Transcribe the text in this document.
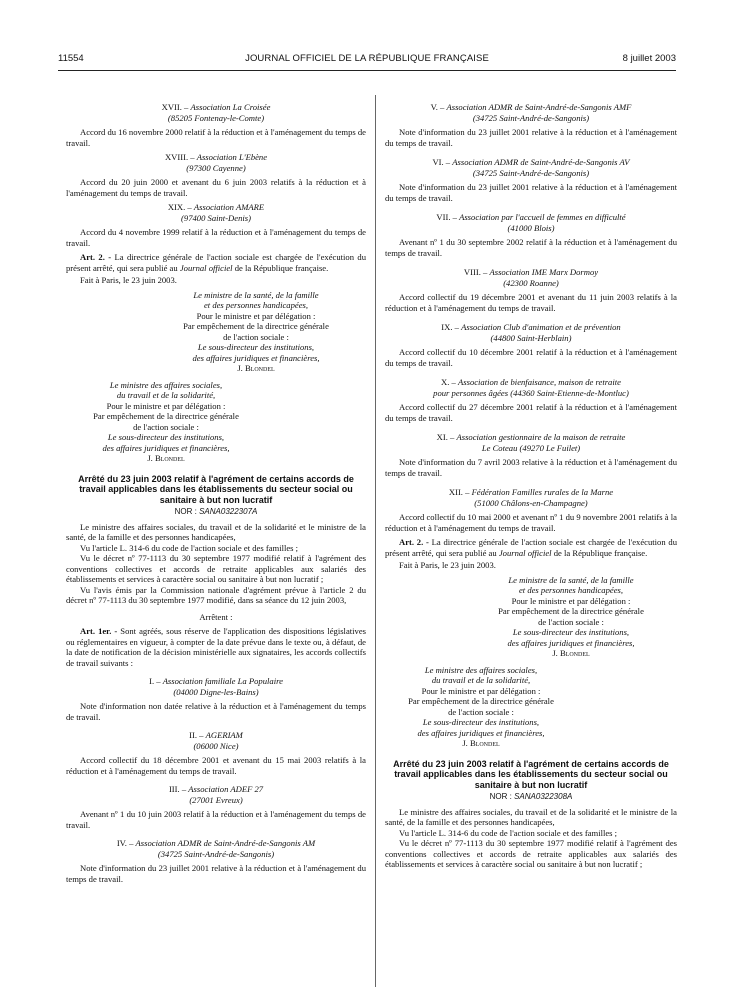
11554	JOURNAL OFFICIEL DE LA RÉPUBLIQUE FRANÇAISE	8 juillet 2003

XVII. – Association La Croisée

(85205 Fontenay-le-Comte)

Accord du 16 novembre 2000 relatif à la réduction et à l'aménagement du temps de travail.

XVIII. – Association L'Ebène

(97300 Cayenne)

Accord du 20 juin 2000 et avenant du 6 juin 2003 relatifs à la réduction et à l'aménagement du temps de travail.

XIX. – Association AMARE

(97400 Saint-Denis)

Accord du 4 novembre 1999 relatif à la réduction et à l'aménagement du temps de travail.

Art. 2. - La directrice générale de l'action sociale est chargée de l'exécution du présent arrêté, qui sera publié au Journal officiel de la République française.

Fait à Paris, le 23 juin 2003.

Le ministre de la santé, de la famille

et des personnes handicapées,

Pour le ministre et par délégation :

Par empêchement de la directrice générale

de l'action sociale :

Le sous-directeur des institutions,

des affaires juridiques et financières,

J. Blondel

Le ministre des affaires sociales,

du travail et de la solidarité,

Pour le ministre et par délégation :

Par empêchement de la directrice générale

de l'action sociale :

Le sous-directeur des institutions,

des affaires juridiques et financières,

J. Blondel

Arrêté du 23 juin 2003 relatif à l'agrément de certains accords de travail applicables dans les établissements du secteur social ou sanitaire à but non lucratif

NOR : SANA0322307A

Le ministre des affaires sociales, du travail et de la solidarité et le ministre de la santé, de la famille et des personnes handicapées,

Vu l'article L. 314-6 du code de l'action sociale et des familles ;

Vu le décret nº 77-1113 du 30 septembre 1977 modifié relatif à l'agrément des conventions collectives et accords de retraite applicables aux salariés des établissements et services à caractère social ou sanitaire à but non lucratif ;

Vu l'avis émis par la Commission nationale d'agrément prévue à l'article 2 du décret nº 77-1113 du 30 septembre 1977 modifié, dans sa séance du 12 juin 2003,

Arrêtent :

Art. 1er. - Sont agréés, sous réserve de l'application des dispositions législatives ou réglementaires en vigueur, à compter de la date prévue dans le texte ou, à défaut, de la date de notification de la décision ministérielle aux signataires, les accords collectifs de travail suivants :

I. – Association familiale La Populaire

(04000 Digne-les-Bains)

Note d'information non datée relative à la réduction et à l'aménagement du temps de travail.

II. – AGERIAM

(06000 Nice)

Accord collectif du 18 décembre 2001 et avenant du 15 mai 2003 relatifs à la réduction et à l'aménagement du temps de travail.

III. – Association ADEF 27

(27001 Evreux)

Avenant nº 1 du 10 juin 2003 relatif à la réduction et à l'aménagement du temps de travail.

IV. – Association ADMR de Saint-André-de-Sangonis AM

(34725 Saint-André-de-Sangonis)

Note d'information du 23 juillet 2001 relative à la réduction et à l'aménagement du temps de travail.

V. – Association ADMR de Saint-André-de-Sangonis AMF

(34725 Saint-André-de-Sangonis)

Note d'information du 23 juillet 2001 relative à la réduction et à l'aménagement du temps de travail.

VI. – Association ADMR de Saint-André-de-Sangonis AV

(34725 Saint-André-de-Sangonis)

Note d'information du 23 juillet 2001 relative à la réduction et à l'aménagement du temps de travail.

VII. – Association par l'accueil de femmes en difficulté

(41000 Blois)

Avenant nº 1 du 30 septembre 2002 relatif à la réduction et à l'aménagement du temps de travail.

VIII. – Association IME Marx Dormoy

(42300 Roanne)

Accord collectif du 19 décembre 2001 et avenant du 11 juin 2003 relatifs à la réduction et à l'aménagement du temps de travail.

IX. – Association Club d'animation et de prévention

(44800 Saint-Herblain)

Accord collectif du 10 décembre 2001 relatif à la réduction et à l'aménagement du temps de travail.

X. – Association de bienfaisance, maison de retraite

pour personnes âgées (44360 Saint-Etienne-de-Montluc)

Accord collectif du 27 décembre 2001 relatif à la réduction et à l'aménagement du temps de travail.

XI. – Association gestionnaire de la maison de retraite

Le Coteau (49270 Le Fuilet)

Note d'information du 7 avril 2003 relative à la réduction et à l'aménagement du temps de travail.

XII. – Fédération Familles rurales de la Marne

(51000 Châlons-en-Champagne)

Accord collectif du 10 mai 2000 et avenant nº 1 du 9 novembre 2001 relatifs à la réduction et à l'aménagement du temps de travail.

Art. 2. - La directrice générale de l'action sociale est chargée de l'exécution du présent arrêté, qui sera publié au Journal officiel de la République française.

Fait à Paris, le 23 juin 2003.

Le ministre de la santé, de la famille

et des personnes handicapées,

Pour le ministre et par délégation :

Par empêchement de la directrice générale

de l'action sociale :

Le sous-directeur des institutions,

des affaires juridiques et financières,

J. Blondel

Le ministre des affaires sociales,

du travail et de la solidarité,

Pour le ministre et par délégation :

Par empêchement de la directrice générale

de l'action sociale :

Le sous-directeur des institutions,

des affaires juridiques et financières,

J. Blondel

Arrêté du 23 juin 2003 relatif à l'agrément de certains accords de travail applicables dans les établissements du secteur social ou sanitaire à but non lucratif

NOR : SANA0322308A

Le ministre des affaires sociales, du travail et de la solidarité et le ministre de la santé, de la famille et des personnes handicapées,

Vu l'article L. 314-6 du code de l'action sociale et des familles ;

Vu le décret nº 77-1113 du 30 septembre 1977 modifié relatif à l'agrément des conventions collectives et accords de retraite applicables aux salariés des établissements et services à caractère social ou sanitaire à but non lucratif ;
